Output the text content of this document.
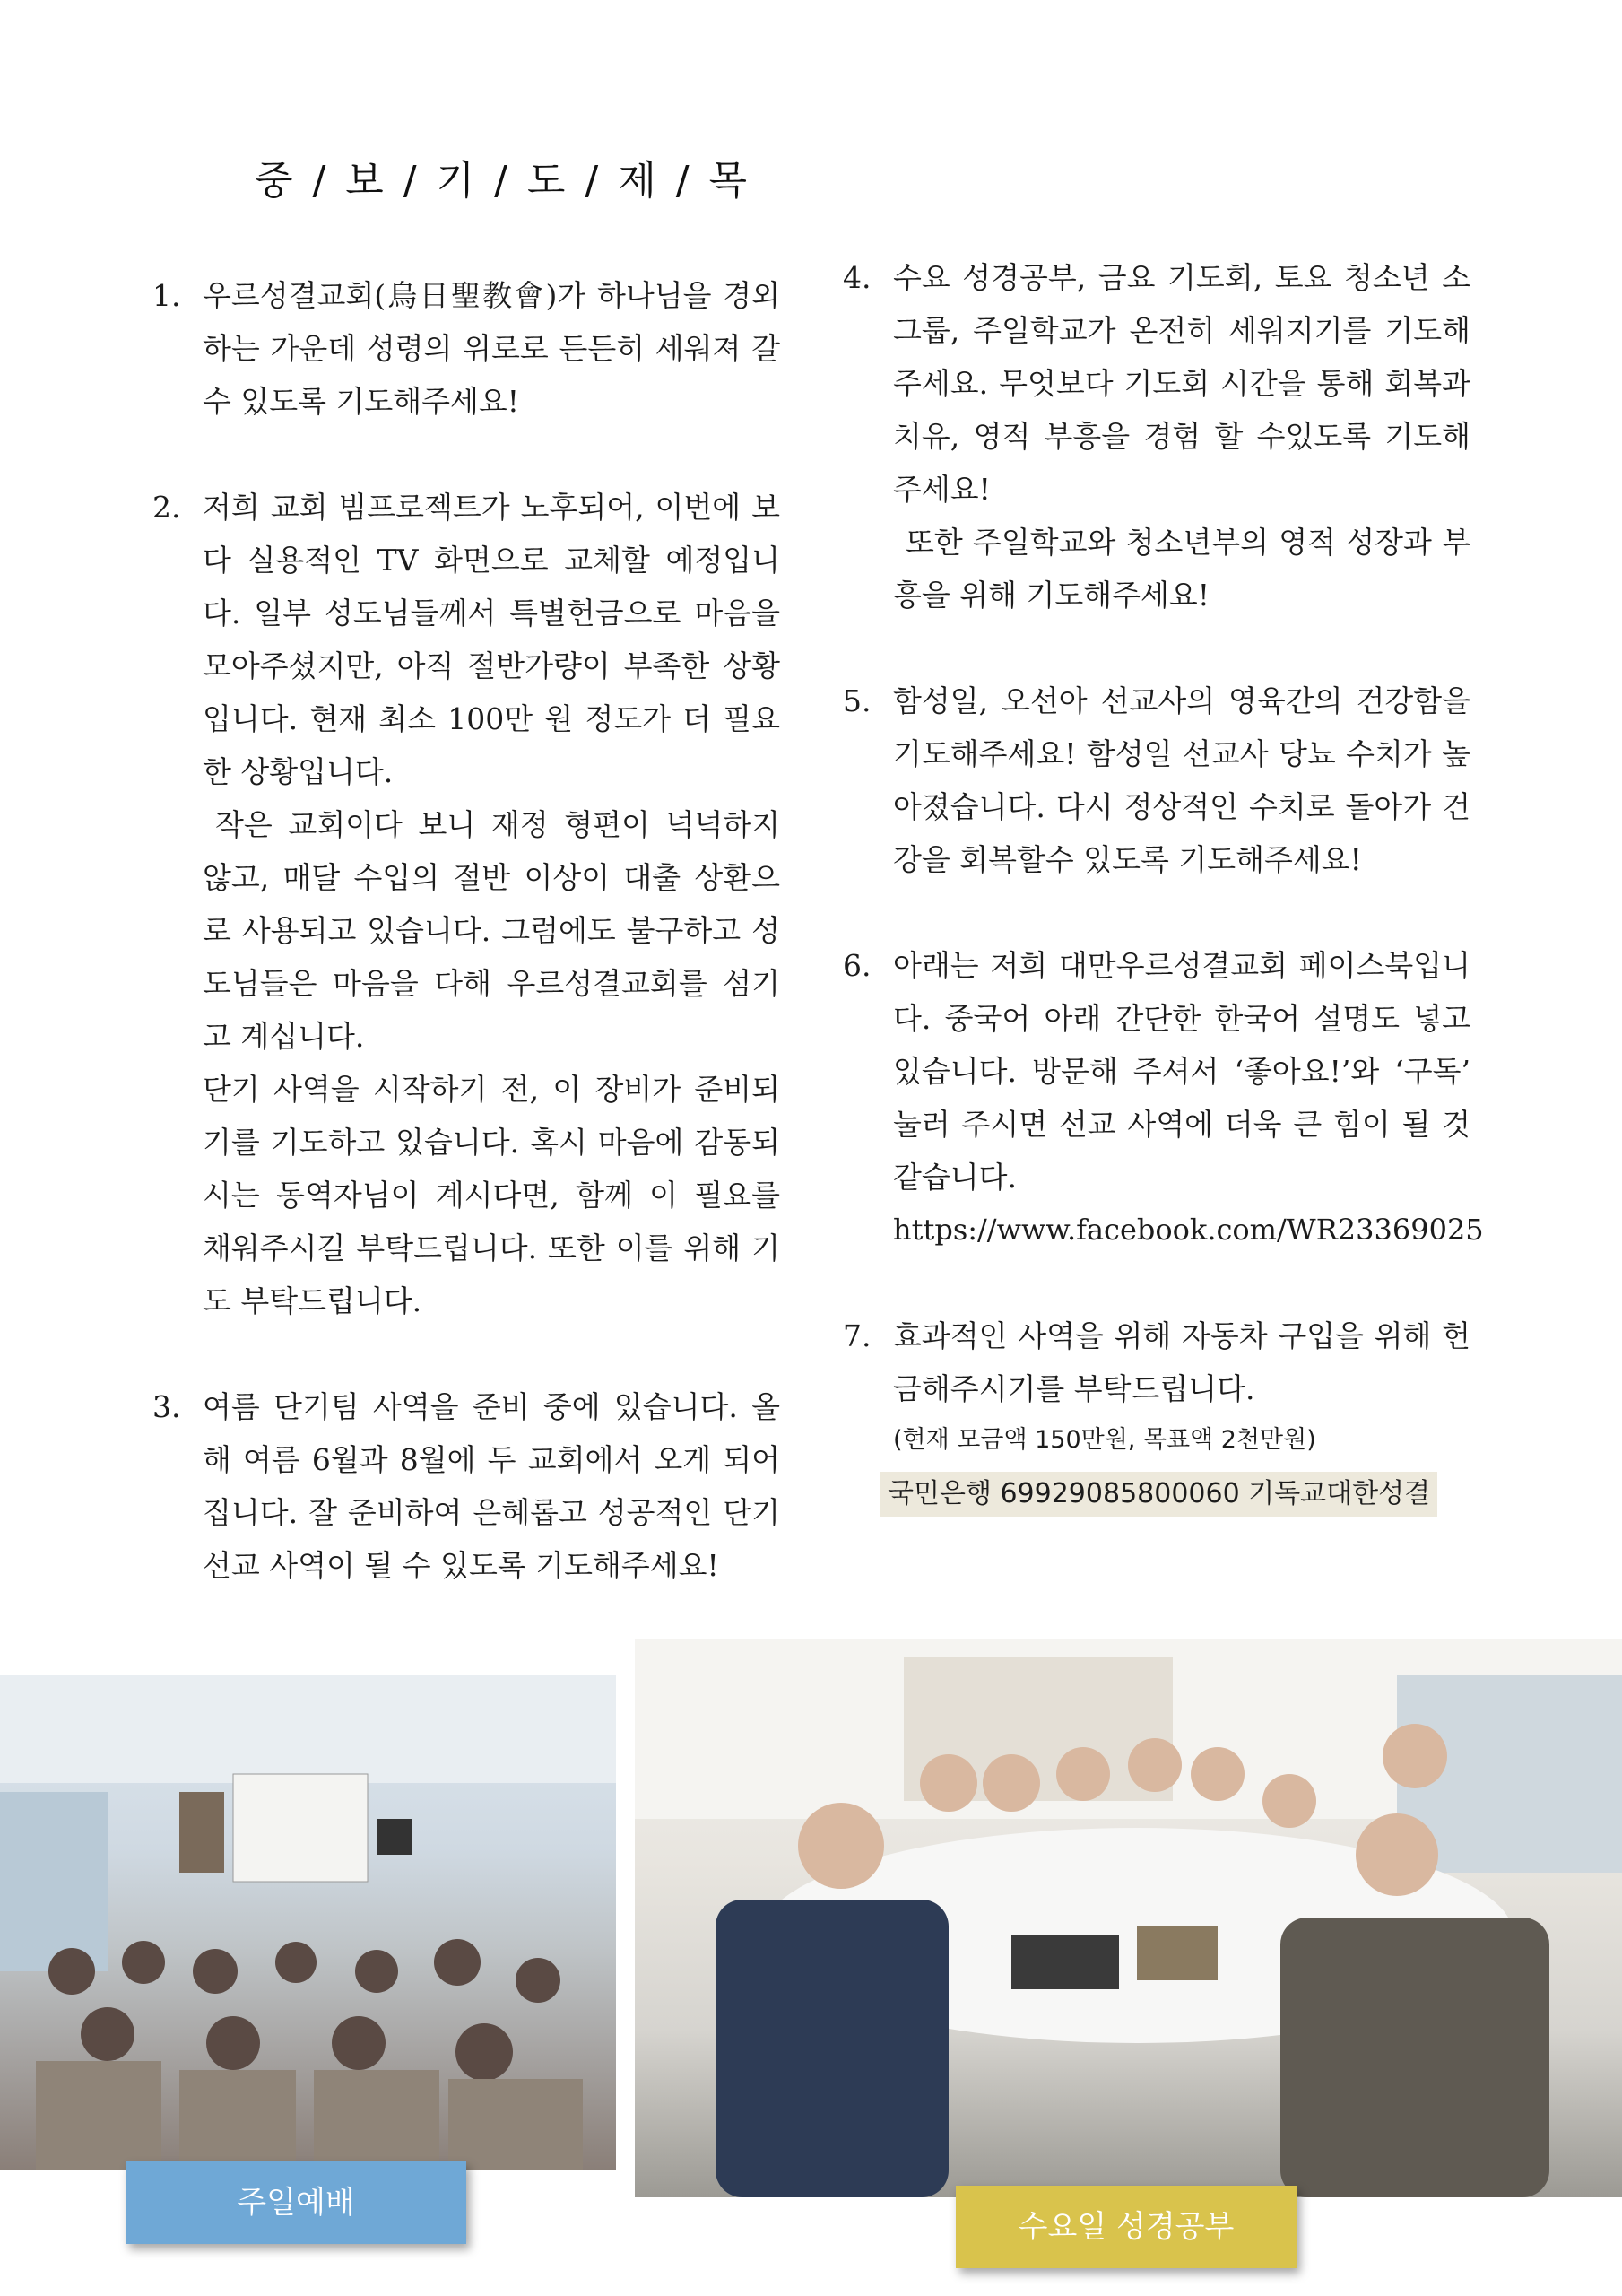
중 / 보 / 기 / 도 / 제 / 목
1. 우르성결교회(烏日聖教會)가 하나님을 경외하는 가운데 성령의 위로로 든든히 세워져 갈 수 있도록 기도해주세요!

2. 저희 교회 빔프로젝트가 노후되어, 이번에 보다 실용적인 TV 화면으로 교체할 예정입니다. 일부 성도님들께서 특별헌금으로 마음을 모아주셨지만, 아직 절반가량이 부족한 상황입니다. 현재 최소 100만 원 정도가 더 필요한 상황입니다.

작은 교회이다 보니 재정 형편이 넉넉하지 않고, 매달 수입의 절반 이상이 대출 상환으로 사용되고 있습니다. 그럼에도 불구하고 성도님들은 마음을 다해 우르성결교회를 섬기고 계십니다.

단기 사역을 시작하기 전, 이 장비가 준비되기를 기도하고 있습니다. 혹시 마음에 감동되시는 동역자님이 계시다면, 함께 이 필요를 채워주시길 부탁드립니다. 또한 이를 위해 기도 부탁드립니다.

3. 여름 단기팀 사역을 준비 중에 있습니다. 올해 여름 6월과 8월에 두 교회에서 오게 되어 집니다. 잘 준비하여 은혜롭고 성공적인 단기 선교 사역이 될 수 있도록 기도해주세요!

4. 수요 성경공부, 금요 기도회, 토요 청소년 소그룹, 주일학교가 온전히 세워지기를 기도해주세요. 무엇보다 기도회 시간을 통해 회복과 치유, 영적 부흥을 경험 할 수있도록 기도해주세요!

또한 주일학교와 청소년부의 영적 성장과 부흥을 위해 기도해주세요!

5. 함성일, 오선아 선교사의 영육간의 건강함을 기도해주세요! 함성일 선교사 당뇨 수치가 높아졌습니다. 다시 정상적인 수치로 돌아가 건강을 회복할수 있도록 기도해주세요!

6. 아래는 저희 대만우르성결교회 페이스북입니다. 중국어 아래 간단한 한국어 설명도 넣고 있습니다. 방문해 주셔서 ‘좋아요!’와 ‘구독’ 눌러 주시면 선교 사역에 더욱 큰 힘이 될 것 같습니다.

https://www.facebook.com/WR23369025

7. 효과적인 사역을 위해 자동차 구입을 위해 헌금해주시기를 부탁드립니다.

(현재 모금액 150만원, 목표액 2천만원)

국민은행 69929085800060 기독교대한성결
주일예배
수요일 성경공부
